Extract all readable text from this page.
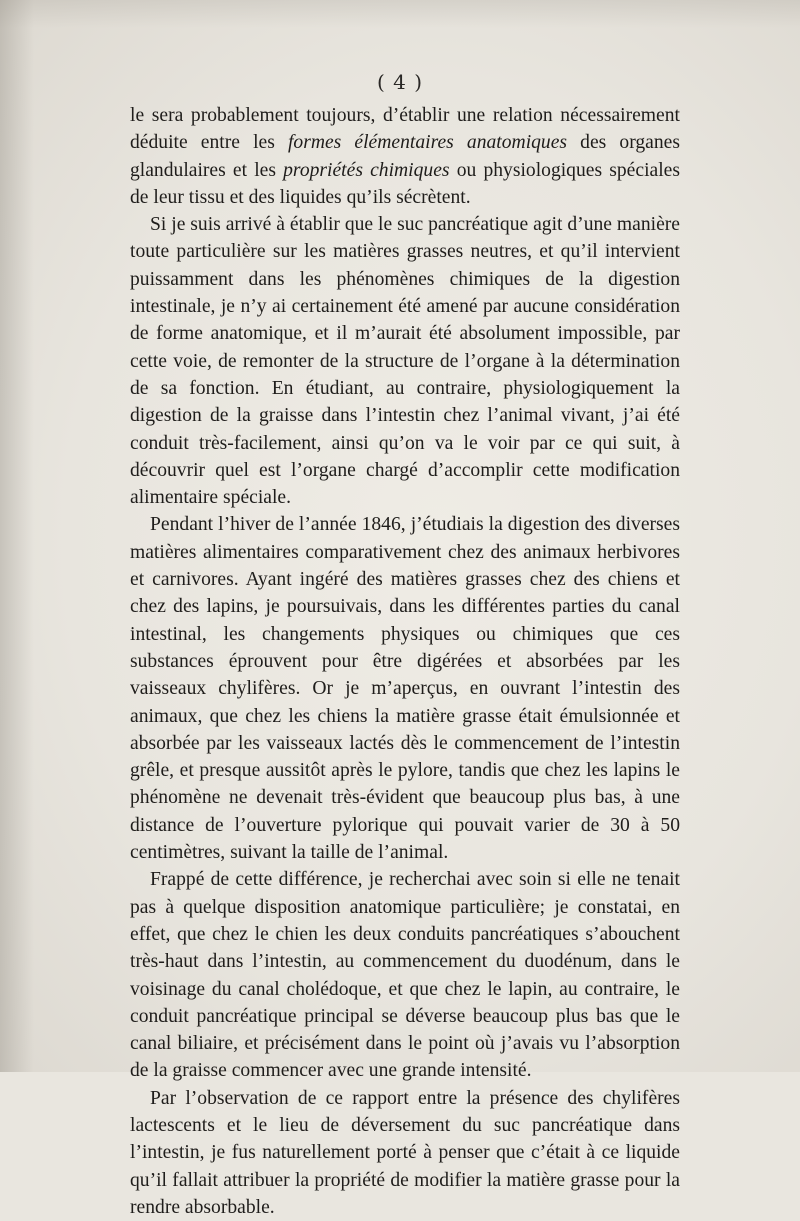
( 4 )

le sera probablement toujours, d’établir une relation nécessairement déduite entre les formes élémentaires anatomiques des organes glandulaires et les propriétés chimiques ou physiologiques spéciales de leur tissu et des liquides qu’ils sécrètent.

Si je suis arrivé à établir que le suc pancréatique agit d’une manière toute particulière sur les matières grasses neutres, et qu’il intervient puissamment dans les phénomènes chimiques de la digestion intestinale, je n’y ai certainement été amené par aucune considération de forme anatomique, et il m’aurait été absolument impossible, par cette voie, de remonter de la structure de l’organe à la détermination de sa fonction. En étudiant, au contraire, physiologiquement la digestion de la graisse dans l’intestin chez l’animal vivant, j’ai été conduit très-facilement, ainsi qu’on va le voir par ce qui suit, à découvrir quel est l’organe chargé d’accomplir cette modification alimentaire spéciale.

Pendant l’hiver de l’année 1846, j’étudiais la digestion des diverses matières alimentaires comparativement chez des animaux herbivores et carnivores. Ayant ingéré des matières grasses chez des chiens et chez des lapins, je poursuivais, dans les différentes parties du canal intestinal, les changements physiques ou chimiques que ces substances éprouvent pour être digérées et absorbées par les vaisseaux chylifères. Or je m’aperçus, en ouvrant l’intestin des animaux, que chez les chiens la matière grasse était émulsionnée et absorbée par les vaisseaux lactés dès le commencement de l’intestin grêle, et presque aussitôt après le pylore, tandis que chez les lapins le phénomène ne devenait très-évident que beaucoup plus bas, à une distance de l’ouverture pylorique qui pouvait varier de 30 à 50 centimètres, suivant la taille de l’animal.

Frappé de cette différence, je recherchai avec soin si elle ne tenait pas à quelque disposition anatomique particulière; je constatai, en effet, que chez le chien les deux conduits pancréatiques s’abouchent très-haut dans l’intestin, au commencement du duodénum, dans le voisinage du canal cholédoque, et que chez le lapin, au contraire, le conduit pancréatique principal se déverse beaucoup plus bas que le canal biliaire, et précisément dans le point où j’avais vu l’absorption de la graisse commencer avec une grande intensité.

Par l’observation de ce rapport entre la présence des chylifères lactescents et le lieu de déversement du suc pancréatique dans l’intestin, je fus naturellement porté à penser que c’était à ce liquide qu’il fallait attribuer la propriété de modifier la matière grasse pour la rendre absorbable.
